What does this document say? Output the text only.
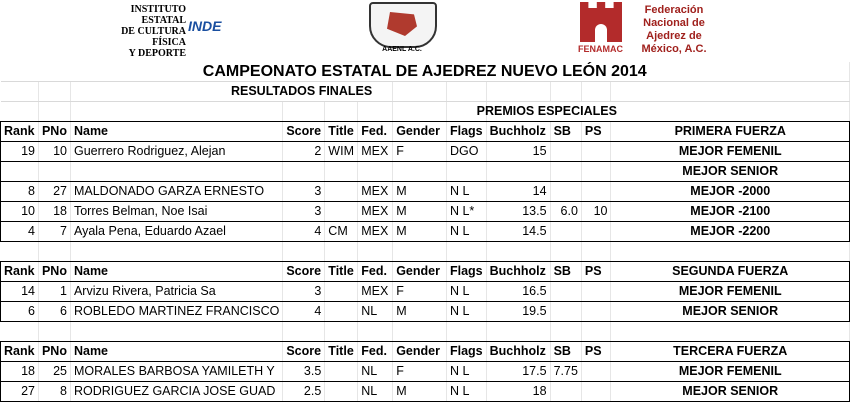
INSTITUTO ESTATAL
DE CULTURA FÍSICA
Y DEPORTE
INDE
AAENL A.C.	FENAMAC
Federación
Nacional de
Ajedrez de
México, A.C.
CAMPEONATO ESTATAL DE AJEDREZ NUEVO LEÓN 2014
		RESULTADOS FINALES						
								PREMIOS ESPECIALES
Rank	PNo	Name	Score	Title	Fed.	Gender	Flags	Buchholz	SB	PS	PRIMERA FUERZA
19	10	Guerrero Rodriguez, Alejan	2	WIM	MEX	F	DGO	15			MEJOR FEMENIL
											MEJOR SENIOR
8	27	MALDONADO GARZA ERNESTO	3		MEX	M	N L	14			MEJOR -2000
10	18	Torres Belman, Noe Isai	3		MEX	M	N L*	13.5	6.0	10	MEJOR -2100
4	7	Ayala Pena, Eduardo Azael	4	CM	MEX	M	N L	14.5			MEJOR -2200

Rank	PNo	Name	Score	Title	Fed.	Gender	Flags	Buchholz	SB	PS	SEGUNDA FUERZA
14	1	Arvizu Rivera, Patricia Sa	3		MEX	F	N L	16.5			MEJOR FEMENIL
6	6	ROBLEDO MARTINEZ FRANCISCO	4		NL	M	N L	19.5			MEJOR SENIOR

Rank	PNo	Name	Score	Title	Fed.	Gender	Flags	Buchholz	SB	PS	TERCERA FUERZA
18	25	MORALES BARBOSA YAMILETH Y	3.5		NL	F	N L	17.5	7.75		MEJOR FEMENIL
27	8	RODRIGUEZ GARCIA JOSE GUAD	2.5		NL	M	N L	18			MEJOR SENIOR
